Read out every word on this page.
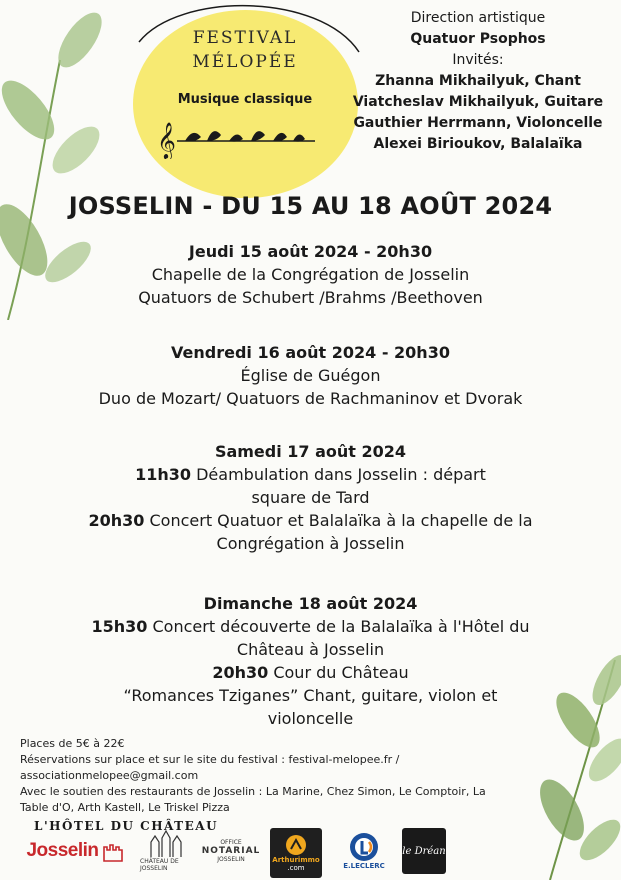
FESTIVAL
MÉLOPÉE
Musique classique
𝄞
Direction artistique
Quatuor Psophos
Invités:
Zhanna Mikhailyuk, Chant
Viatcheslav Mikhailyuk, Guitare
Gauthier Herrmann, Violoncelle
Alexei Birioukov, Balalaïka
JOSSELIN - DU 15 AU 18 AOÛT 2024
Jeudi 15 août 2024 - 20h30
Chapelle de la Congrégation de Josselin
Quatuors de Schubert /Brahms /Beethoven
Vendredi 16 août 2024 - 20h30
Église de Guégon
Duo de Mozart/ Quatuors de Rachmaninov et Dvorak
Samedi 17 août 2024
11h30 Déambulation dans Josselin : départ
square de Tard
20h30 Concert Quatuor et Balalaïka à la chapelle de la
Congrégation à Josselin
Dimanche 18 août 2024
15h30 Concert découverte de la Balalaïka à l'Hôtel du
Château à Josselin
20h30 Cour du Château
“Romances Tziganes” Chant, guitare, violon et
violoncelle
Places de 5€ à 22€
Réservations sur place et sur le site du festival : festival-melopee.fr /
associationmelopee@gmail.com
Avec le soutien des restaurants de Josselin : La Marine, Chez Simon, Le Comptoir, La
Table d'O, Arth Kastell, Le Triskel Pizza
L'HÔTEL DU CHÂTEAU
Josselin
CHÂTEAU DE JOSSELIN
OFFICE
NOTARIAL
JOSSELIN	Arthurimmo
.com	E.LECLERC
le Dréan
